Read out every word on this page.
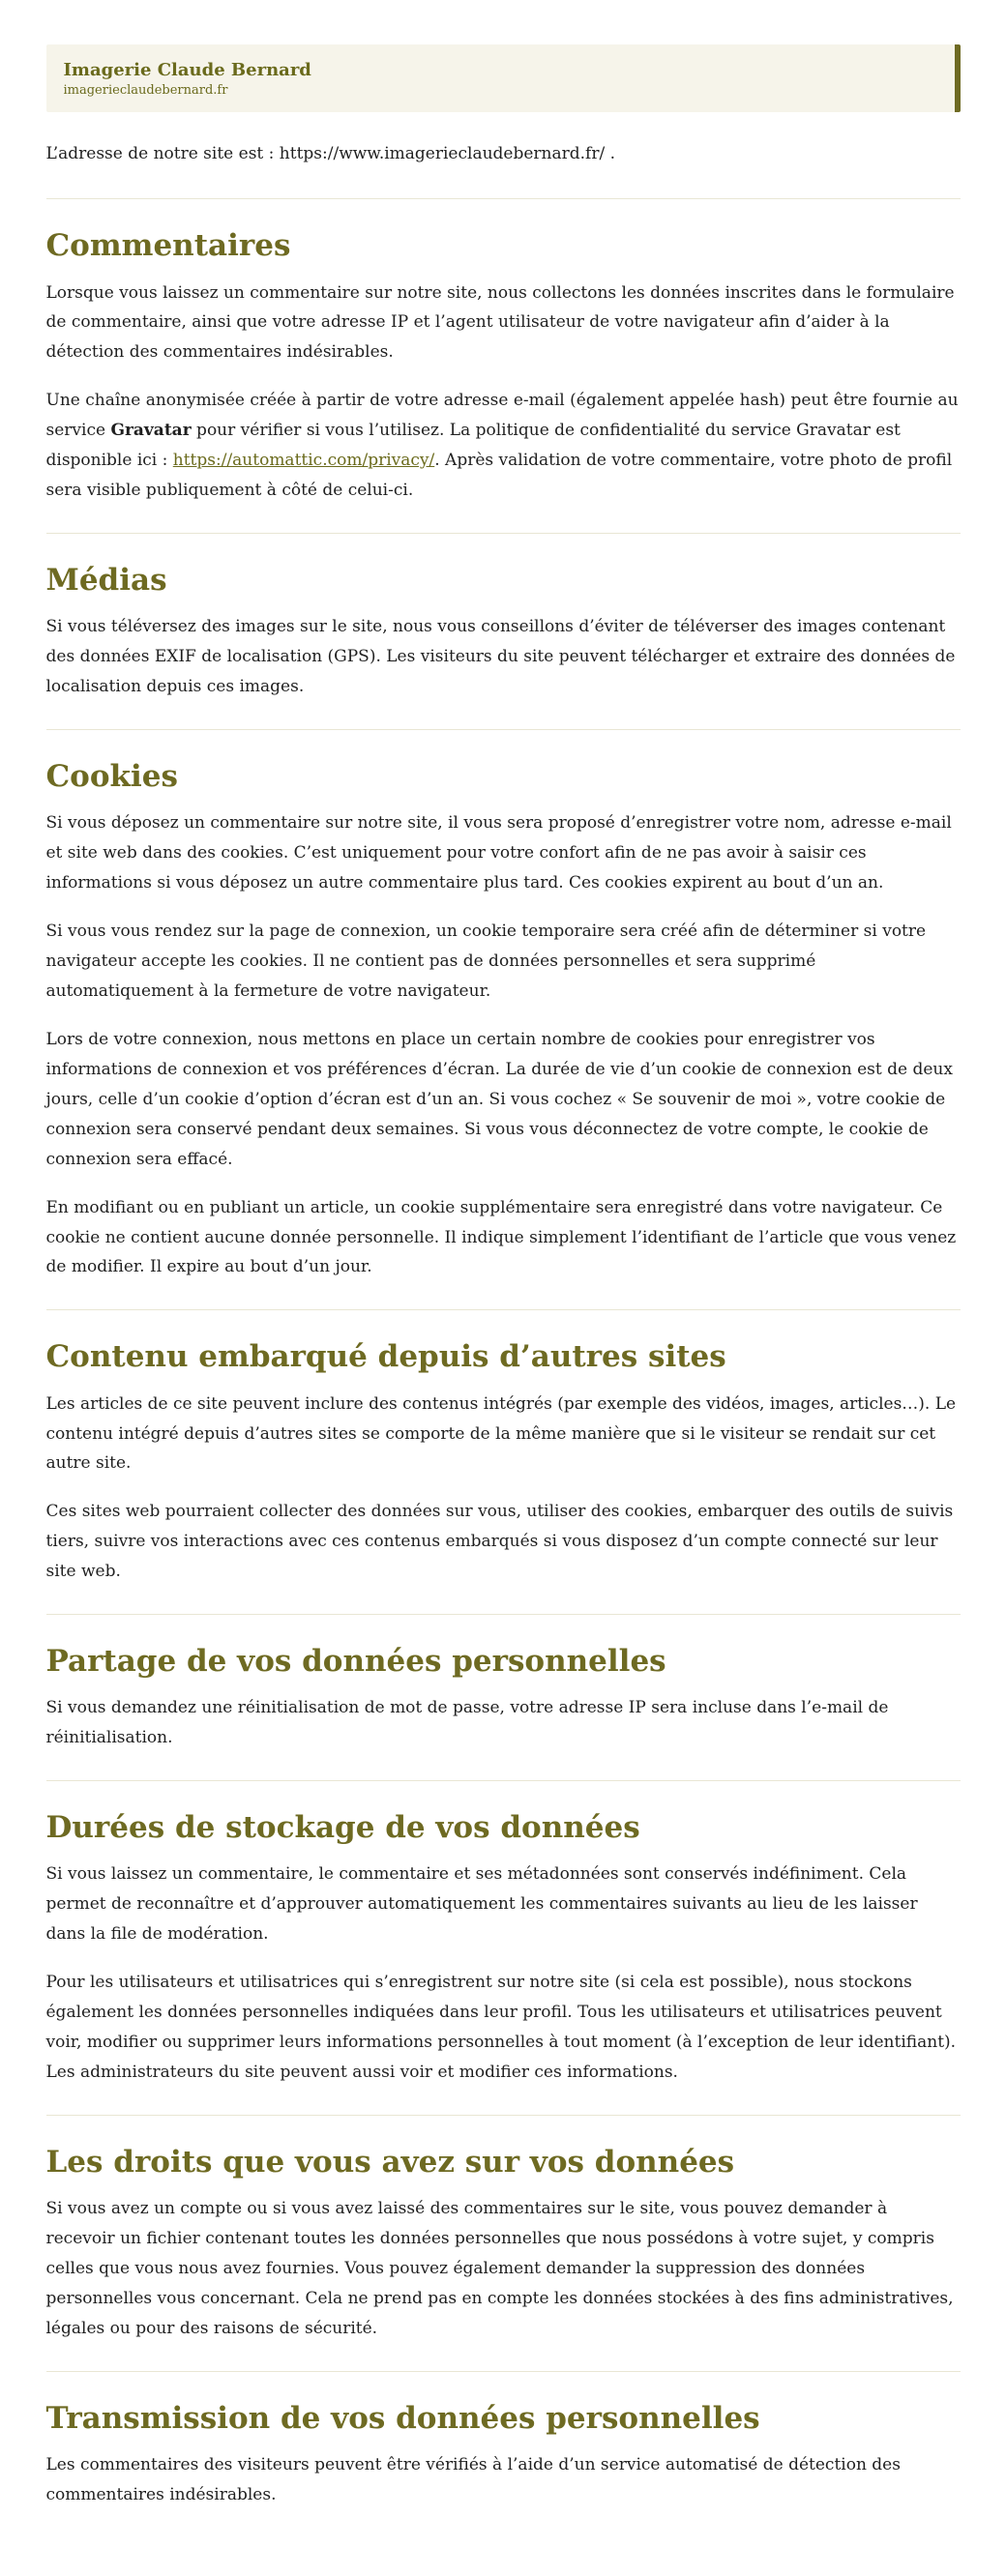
Imagerie Claude Bernard
imagerieclaudebernard.fr

L’adresse de notre site est : https://www.imagerieclaudebernard.fr/ .

Commentaires

Lorsque vous laissez un commentaire sur notre site, nous collectons les données inscrites dans le formulaire de commentaire, ainsi que votre adresse IP et l’agent utilisateur de votre navigateur afin d’aider à la détection des commentaires indésirables.

Une chaîne anonymisée créée à partir de votre adresse e-mail (également appelée hash) peut être fournie au service Gravatar pour vérifier si vous l’utilisez. La politique de confidentialité du service Gravatar est disponible ici : https://automattic.com/privacy/. Après validation de votre commentaire, votre photo de profil sera visible publiquement à côté de celui-ci.

Médias

Si vous téléversez des images sur le site, nous vous conseillons d’éviter de téléverser des images contenant des données EXIF de localisation (GPS). Les visiteurs du site peuvent télécharger et extraire des données de localisation depuis ces images.

Cookies

Si vous déposez un commentaire sur notre site, il vous sera proposé d’enregistrer votre nom, adresse e-mail et site web dans des cookies. C’est uniquement pour votre confort afin de ne pas avoir à saisir ces informations si vous déposez un autre commentaire plus tard. Ces cookies expirent au bout d’un an.

Si vous vous rendez sur la page de connexion, un cookie temporaire sera créé afin de déterminer si votre navigateur accepte les cookies. Il ne contient pas de données personnelles et sera supprimé automatiquement à la fermeture de votre navigateur.

Lors de votre connexion, nous mettons en place un certain nombre de cookies pour enregistrer vos informations de connexion et vos préférences d’écran. La durée de vie d’un cookie de connexion est de deux jours, celle d’un cookie d’option d’écran est d’un an. Si vous cochez « Se souvenir de moi », votre cookie de connexion sera conservé pendant deux semaines. Si vous vous déconnectez de votre compte, le cookie de connexion sera effacé.

En modifiant ou en publiant un article, un cookie supplémentaire sera enregistré dans votre navigateur. Ce cookie ne contient aucune donnée personnelle. Il indique simplement l’identifiant de l’article que vous venez de modifier. Il expire au bout d’un jour.

Contenu embarqué depuis d’autres sites

Les articles de ce site peuvent inclure des contenus intégrés (par exemple des vidéos, images, articles…). Le contenu intégré depuis d’autres sites se comporte de la même manière que si le visiteur se rendait sur cet autre site.

Ces sites web pourraient collecter des données sur vous, utiliser des cookies, embarquer des outils de suivis tiers, suivre vos interactions avec ces contenus embarqués si vous disposez d’un compte connecté sur leur site web.

Partage de vos données personnelles

Si vous demandez une réinitialisation de mot de passe, votre adresse IP sera incluse dans l’e-mail de réinitialisation.

Durées de stockage de vos données

Si vous laissez un commentaire, le commentaire et ses métadonnées sont conservés indéfiniment. Cela permet de reconnaître et d’approuver automatiquement les commentaires suivants au lieu de les laisser dans la file de modération.

Pour les utilisateurs et utilisatrices qui s’enregistrent sur notre site (si cela est possible), nous stockons également les données personnelles indiquées dans leur profil. Tous les utilisateurs et utilisatrices peuvent voir, modifier ou supprimer leurs informations personnelles à tout moment (à l’exception de leur identifiant). Les administrateurs du site peuvent aussi voir et modifier ces informations.

Les droits que vous avez sur vos données

Si vous avez un compte ou si vous avez laissé des commentaires sur le site, vous pouvez demander à recevoir un fichier contenant toutes les données personnelles que nous possédons à votre sujet, y compris celles que vous nous avez fournies. Vous pouvez également demander la suppression des données personnelles vous concernant. Cela ne prend pas en compte les données stockées à des fins administratives, légales ou pour des raisons de sécurité.

Transmission de vos données personnelles

Les commentaires des visiteurs peuvent être vérifiés à l’aide d’un service automatisé de détection des commentaires indésirables.
